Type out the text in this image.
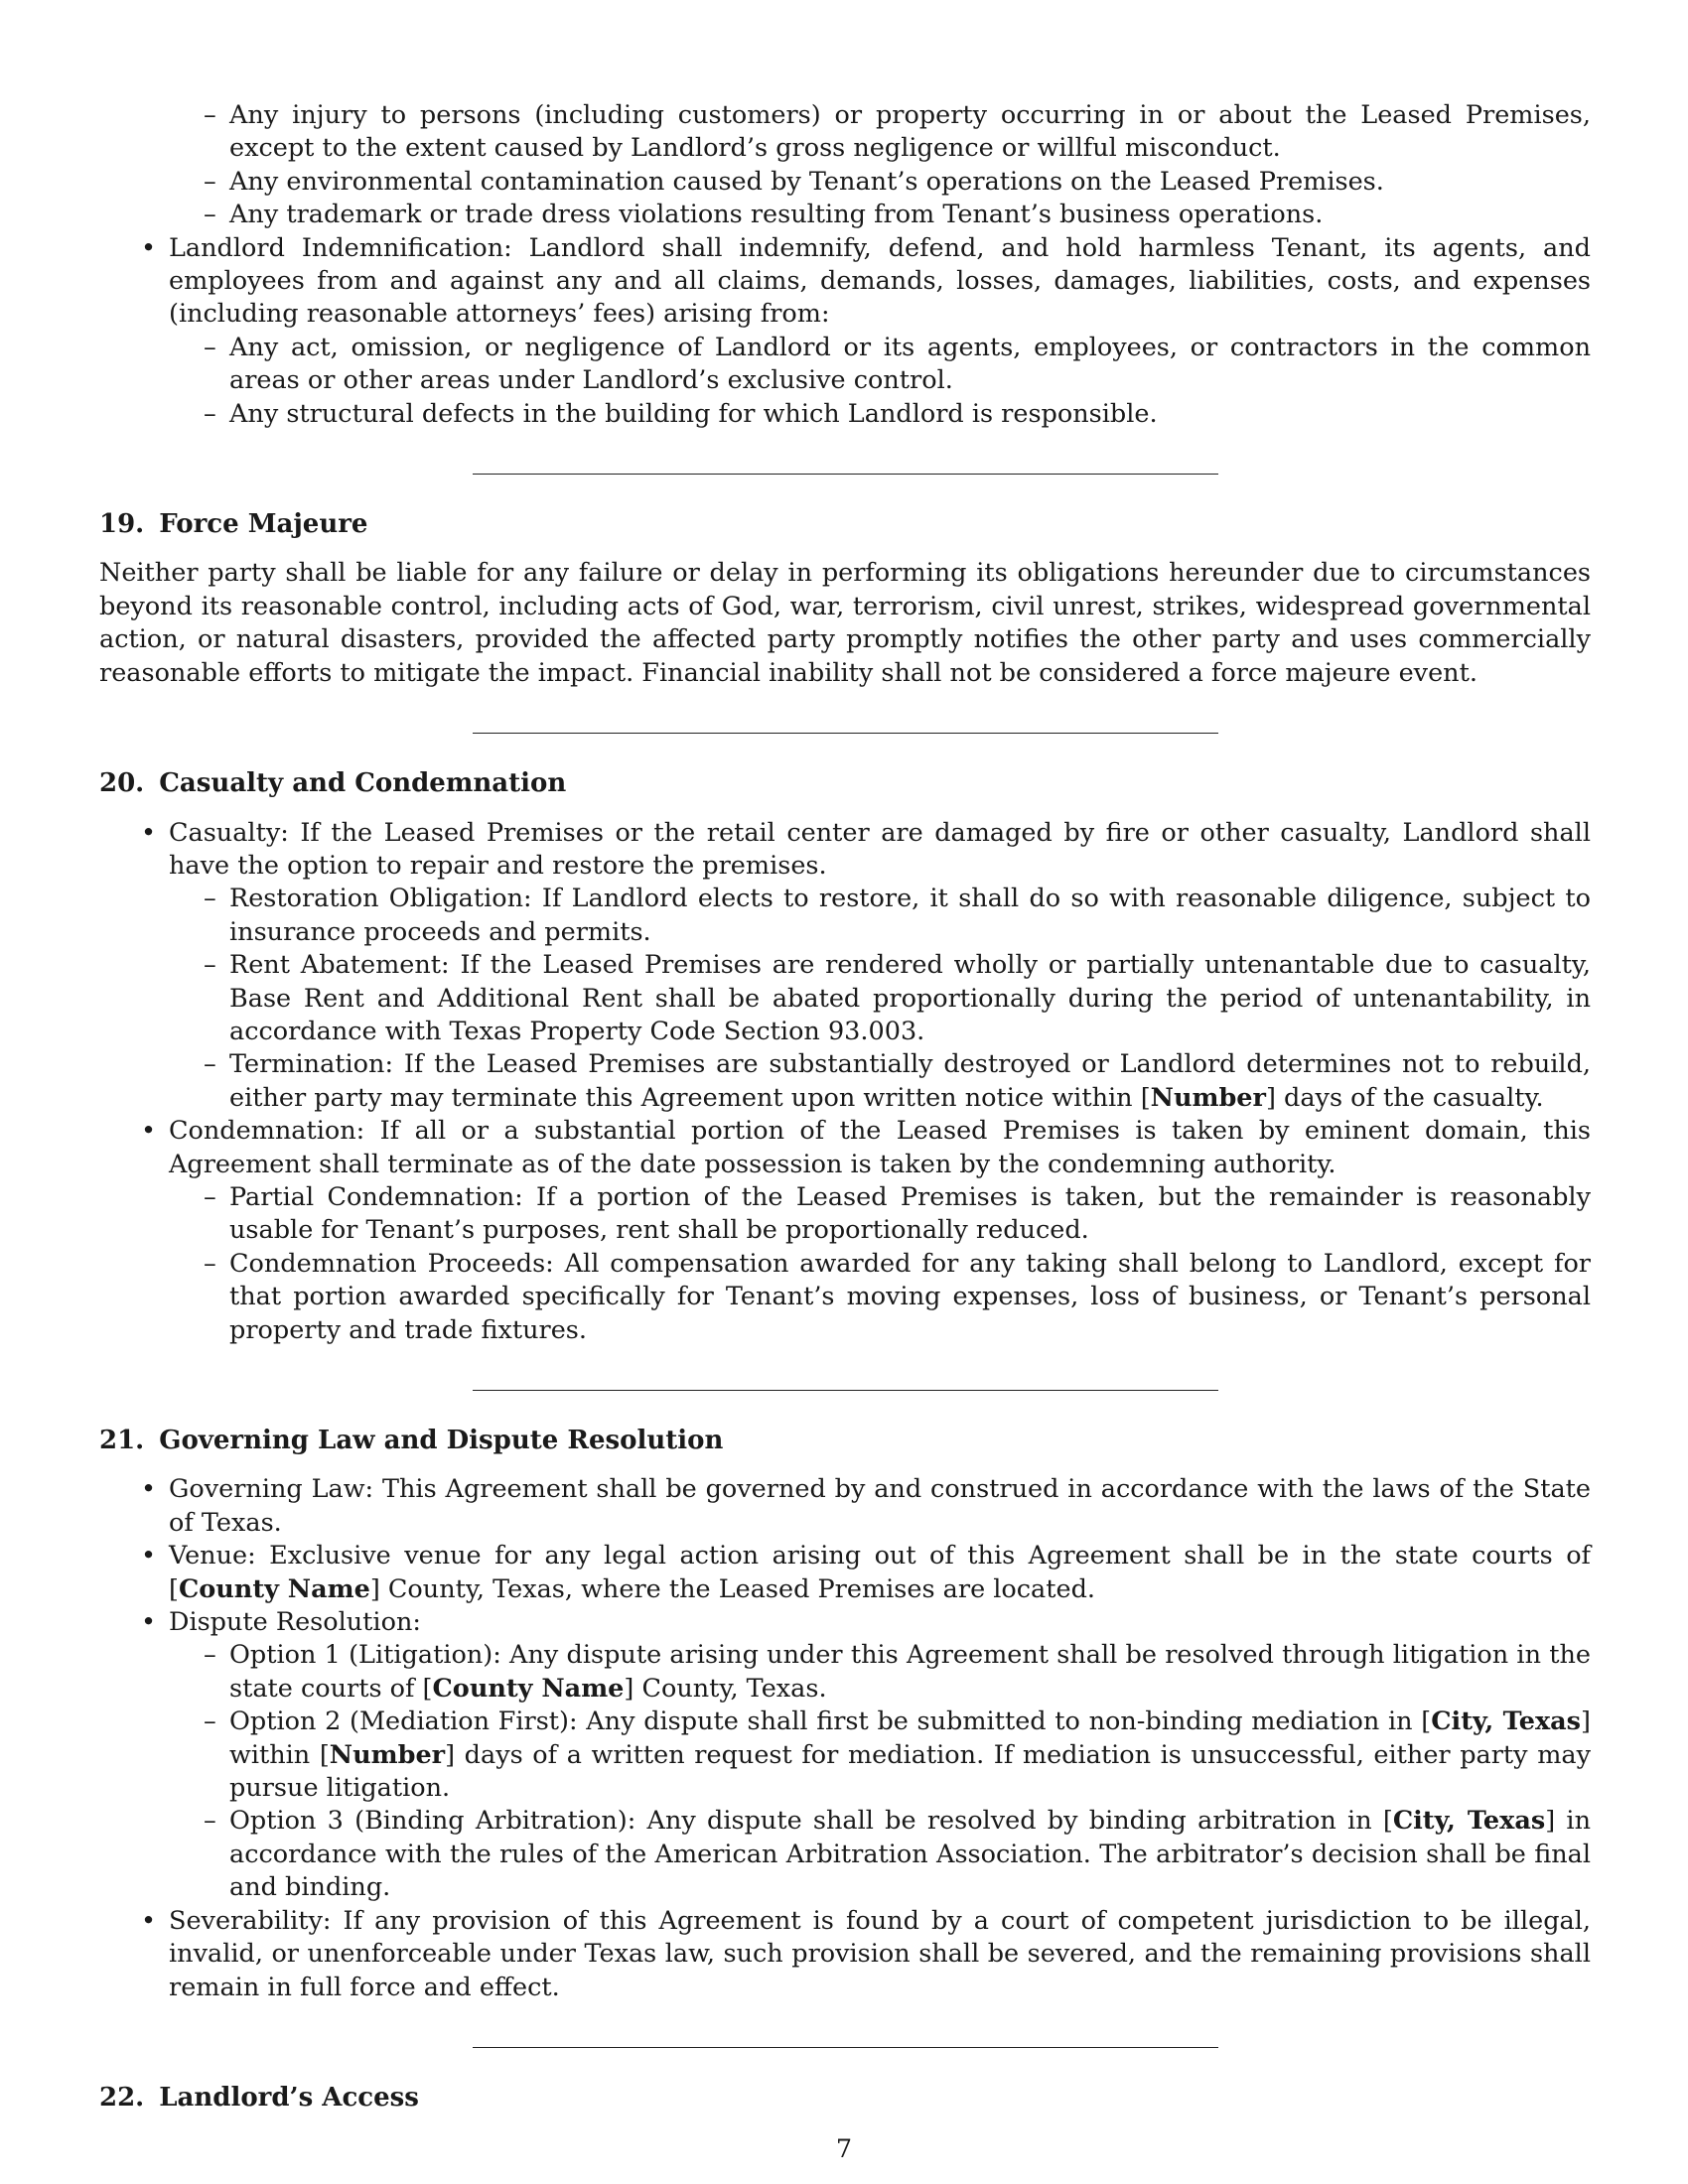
– Any injury to persons (including customers) or property occurring in or about the Leased Premises, except to the extent caused by Landlord’s gross negligence or willful misconduct.
– Any environmental contamination caused by Tenant’s operations on the Leased Premises.
– Any trademark or trade dress violations resulting from Tenant’s business operations.
• Landlord Indemnification: Landlord shall indemnify, defend, and hold harmless Tenant, its agents, and employees from and against any and all claims, demands, losses, damages, liabilities, costs, and expenses (including reasonable attorneys’ fees) arising from:
– Any act, omission, or negligence of Landlord or its agents, employees, or contractors in the common areas or other areas under Landlord’s exclusive control.
– Any structural defects in the building for which Landlord is responsible.
19. Force Majeure

Neither party shall be liable for any failure or delay in performing its obligations hereunder due to circumstances beyond its reasonable control, including acts of God, war, terrorism, civil unrest, strikes, widespread governmental action, or natural disasters, provided the affected party promptly notifies the other party and uses commercially reasonable efforts to mitigate the impact. Financial inability shall not be considered a force majeure event.

20. Casualty and Condemnation
• Casualty: If the Leased Premises or the retail center are damaged by fire or other casualty, Landlord shall have the option to repair and restore the premises.
– Restoration Obligation: If Landlord elects to restore, it shall do so with reasonable diligence, subject to insurance proceeds and permits.
– Rent Abatement: If the Leased Premises are rendered wholly or partially untenantable due to casualty, Base Rent and Additional Rent shall be abated proportionally during the period of untenantability, in accordance with Texas Property Code Section 93.003.
– Termination: If the Leased Premises are substantially destroyed or Landlord determines not to rebuild, either party may terminate this Agreement upon written notice within [Number] days of the casualty.
• Condemnation: If all or a substantial portion of the Leased Premises is taken by eminent domain, this Agreement shall terminate as of the date possession is taken by the condemning authority.
– Partial Condemnation: If a portion of the Leased Premises is taken, but the remainder is reasonably usable for Tenant’s purposes, rent shall be proportionally reduced.
– Condemnation Proceeds: All compensation awarded for any taking shall belong to Landlord, except for that portion awarded specifically for Tenant’s moving expenses, loss of business, or Tenant’s personal property and trade fixtures.
21. Governing Law and Dispute Resolution
• Governing Law: This Agreement shall be governed by and construed in accordance with the laws of the State of Texas.
• Venue: Exclusive venue for any legal action arising out of this Agreement shall be in the state courts of [County Name] County, Texas, where the Leased Premises are located.
• Dispute Resolution:
– Option 1 (Litigation): Any dispute arising under this Agreement shall be resolved through litigation in the state courts of [County Name] County, Texas.
– Option 2 (Mediation First): Any dispute shall first be submitted to non-binding mediation in [City, Texas] within [Number] days of a written request for mediation. If mediation is unsuccessful, either party may pursue litigation.
– Option 3 (Binding Arbitration): Any dispute shall be resolved by binding arbitration in [City, Texas] in accordance with the rules of the American Arbitration Association. The arbitrator’s decision shall be final and binding.
• Severability: If any provision of this Agreement is found by a court of competent jurisdiction to be illegal, invalid, or unenforceable under Texas law, such provision shall be severed, and the remaining provisions shall remain in full force and effect.
22. Landlord’s Access
7
